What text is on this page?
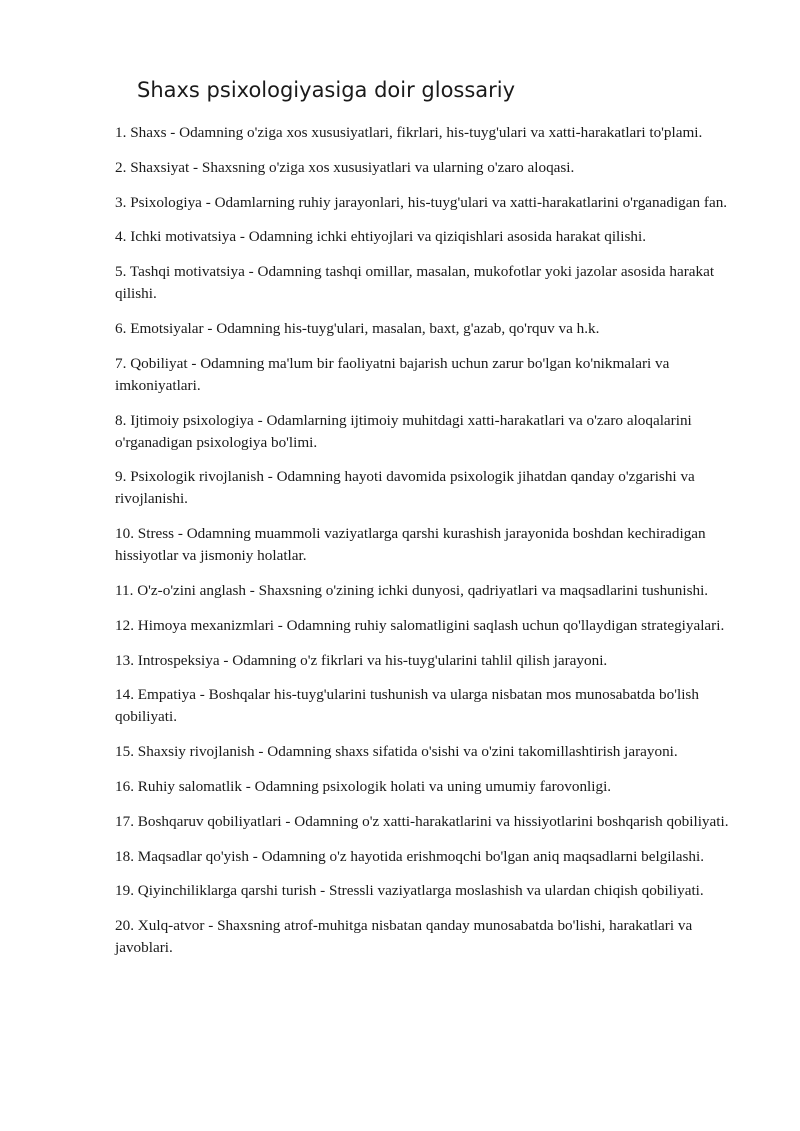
Shaxs psixologiyasiga doir glossariy

1. Shaxs - Odamning o'ziga xos xususiyatlari, fikrlari, his-tuyg'ulari va xatti-harakatlari to'plami.

2. Shaxsiyat - Shaxsning o'ziga xos xususiyatlari va ularning o'zaro aloqasi.

3. Psixologiya - Odamlarning ruhiy jarayonlari, his-tuyg'ulari va xatti-harakatlarini o'rganadigan fan.

4. Ichki motivatsiya - Odamning ichki ehtiyojlari va qiziqishlari asosida harakat qilishi.

5. Tashqi motivatsiya - Odamning tashqi omillar, masalan, mukofotlar yoki jazolar asosida harakat qilishi.

6. Emotsiyalar - Odamning his-tuyg'ulari, masalan, baxt, g'azab, qo'rquv va h.k.

7. Qobiliyat - Odamning ma'lum bir faoliyatni bajarish uchun zarur bo'lgan ko'nikmalari va imkoniyatlari.

8. Ijtimoiy psixologiya - Odamlarning ijtimoiy muhitdagi xatti-harakatlari va o'zaro aloqalarini o'rganadigan psixologiya bo'limi.

9. Psixologik rivojlanish - Odamning hayoti davomida psixologik jihatdan qanday o'zgarishi va rivojlanishi.

10. Stress - Odamning muammoli vaziyatlarga qarshi kurashish jarayonida boshdan kechiradigan hissiyotlar va jismoniy holatlar.

11. O'z-o'zini anglash - Shaxsning o'zining ichki dunyosi, qadriyatlari va maqsadlarini tushunishi.

12. Himoya mexanizmlari - Odamning ruhiy salomatligini saqlash uchun qo'llaydigan strategiyalari.

13. Introspeksiya - Odamning o'z fikrlari va his-tuyg'ularini tahlil qilish jarayoni.

14. Empatiya - Boshqalar his-tuyg'ularini tushunish va ularga nisbatan mos munosabatda bo'lish qobiliyati.

15. Shaxsiy rivojlanish - Odamning shaxs sifatida o'sishi va o'zini takomillashtirish jarayoni.

16. Ruhiy salomatlik - Odamning psixologik holati va uning umumiy farovonligi.

17. Boshqaruv qobiliyatlari - Odamning o'z xatti-harakatlarini va hissiyotlarini boshqarish qobiliyati.

18. Maqsadlar qo'yish - Odamning o'z hayotida erishmoqchi bo'lgan aniq maqsadlarni belgilashi.

19. Qiyinchiliklarga qarshi turish - Stressli vaziyatlarga moslashish va ulardan chiqish qobiliyati.

20. Xulq-atvor - Shaxsning atrof-muhitga nisbatan qanday munosabatda bo'lishi, harakatlari va javoblari.
